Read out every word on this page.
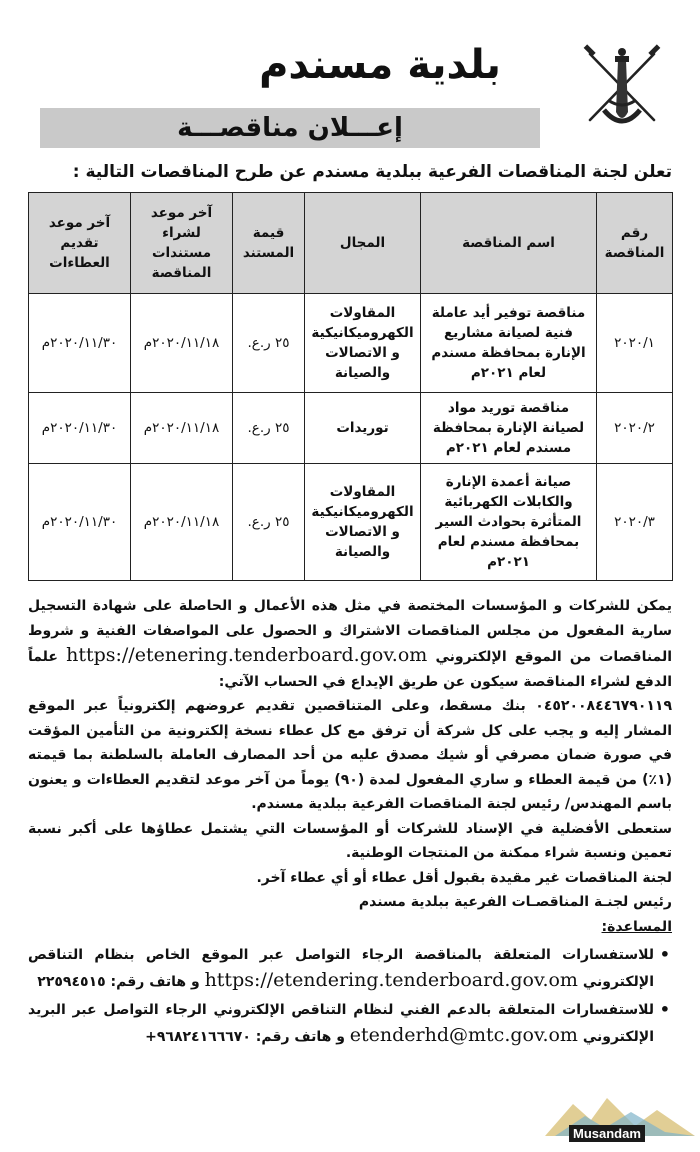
بلدية مسندم
إعـــلان مناقصـــة
تعلن لجنة المناقصات الفرعية ببلدية مسندم عن طرح المناقصات التالية :
رقم المناقصة	اسم المناقصة	المجال	قيمة المستند	آخر موعد لشراء مستندات المناقصة	آخر موعد تقديم العطاءات
٢٠٢٠/١	مناقصة توفير أيد عاملة فنية لصيانة مشاريع الإنارة بمحافظة مسندم لعام ٢٠٢١م	المقاولات الكهروميكانيكية و الاتصالات والصيانة	٢٥ ر.ع.	٢٠٢٠/١١/١٨م	٢٠٢٠/١١/٣٠م
٢٠٢٠/٢	مناقصة توريد مواد لصيانة الإنارة بمحافظة مسندم لعام ٢٠٢١م	توريدات	٢٥ ر.ع.	٢٠٢٠/١١/١٨م	٢٠٢٠/١١/٣٠م
٢٠٢٠/٣	صيانة أعمدة الإنارة والكابلات الكهربائية المتأثرة بحوادث السير بمحافظة مسندم لعام ٢٠٢١م	المقاولات الكهروميكانيكية و الاتصالات والصيانة	٢٥ ر.ع.	٢٠٢٠/١١/١٨م	٢٠٢٠/١١/٣٠م

يمكن للشركات و المؤسسات المختصة في مثل هذه الأعمال و الحاصلة على شهادة التسجيل سارية المفعول من مجلس المناقصات الاشتراك و الحصول على المواصفات الفنية و شروط المناقصات من الموقع الإلكتروني https://etenering.tenderboard.gov.om علماً الدفع لشراء المناقصة سيكون عن طريق الإيداع في الحساب الآتي:

٠٤٥٢٠٠٨٤٤٦٧٩٠١١٩ بنك مسقط، وعلى المتناقصين تقديم عروضهم إلكترونياً عبر الموقع المشار إليه و يجب على كل شركة أن ترفق مع كل عطاء نسخة إلكترونية من التأمين المؤقت في صورة ضمان مصرفي أو شيك مصدق عليه من أحد المصارف العاملة بالسلطنة بما قيمته (١٪) من قيمة العطاء و ساري المفعول لمدة (٩٠) يوماً من آخر موعد لتقديم العطاءات و يعنون باسم المهندس/ رئيس لجنة المناقصات الفرعية ببلدية مسندم.

ستعطى الأفضلية في الإسناد للشركات أو المؤسسات التي يشتمل عطاؤها على أكبر نسبة تعمين ونسبة شراء ممكنة من المنتجات الوطنية.

لجنة المناقصات غير مقيدة بقبول أقل عطاء أو أي عطاء آخر.

رئيس لجنـة المناقصـات الفرعية ببلدية مسندم

المساعدة:

• للاستفسارات المتعلقة بالمناقصة الرجاء التواصل عبر الموقع الخاص بنظام التناقص الإلكتروني https://etendering.tenderboard.gov.om و هاتف رقم: ٢٢٥٩٤٥١٥
• للاستفسارات المتعلقة بالدعم الفني لنظام التناقص الإلكتروني الرجاء التواصل عبر البريد الإلكتروني etenderhd@mtc.gov.om و هاتف رقم: ٩٦٨٢٤١٦٦٦٧٠+
Musandam
